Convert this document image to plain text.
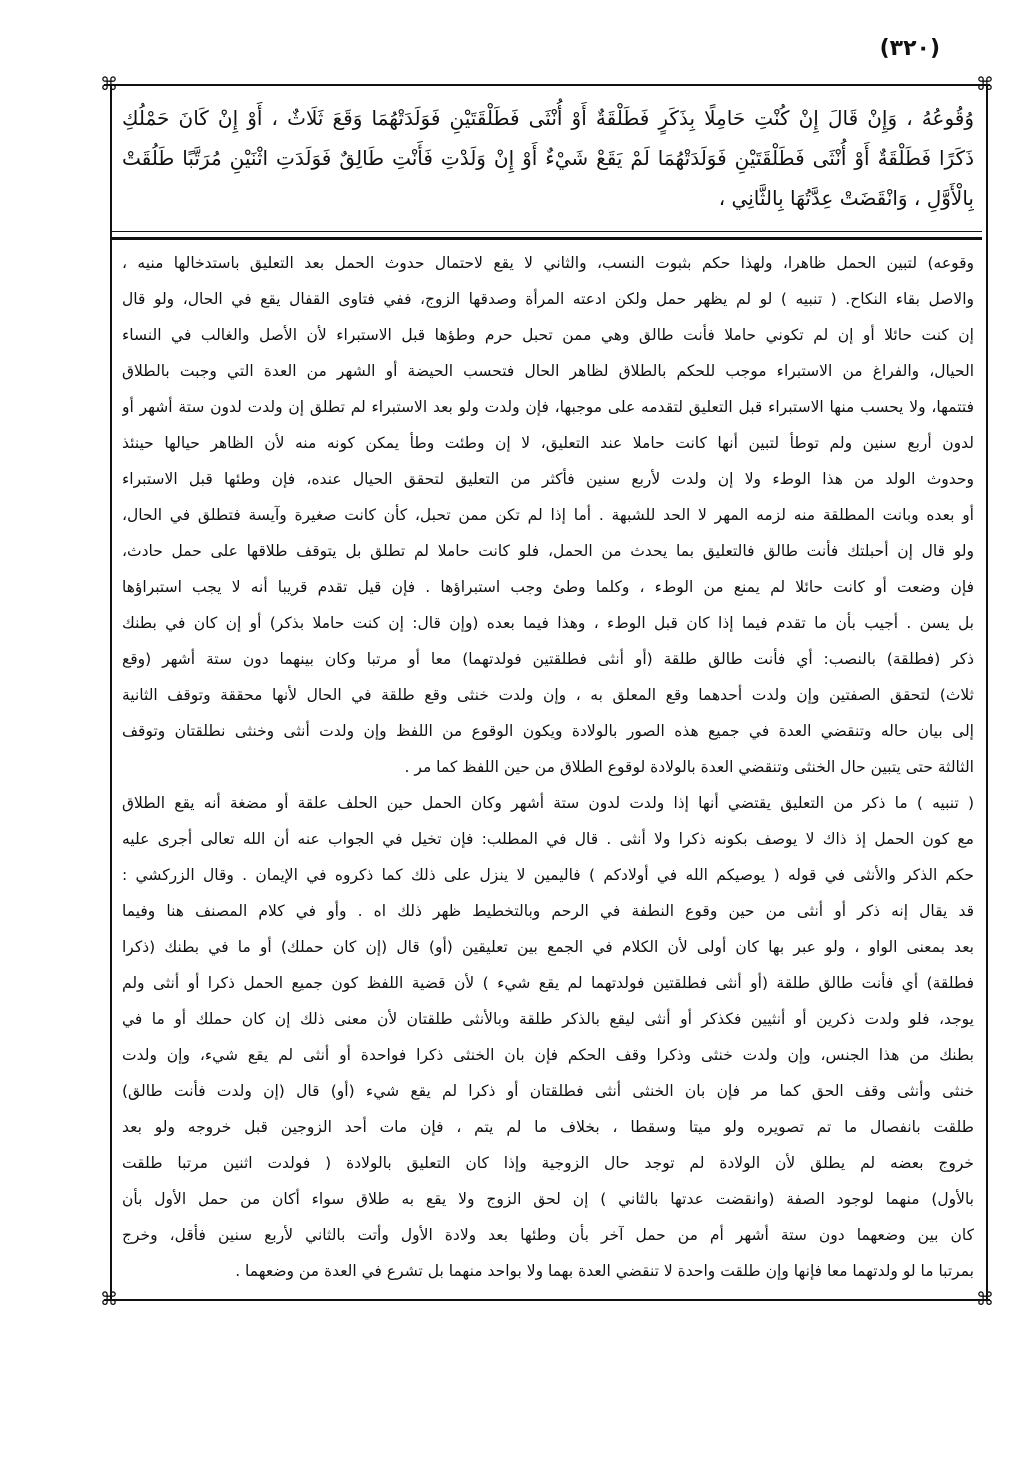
(٣٢٠)
⌘	⌘
⌘	⌘
وُقُوعُهُ ، وَإِنْ قَالَ إِنْ كُنْتِ حَامِلًا بِذَكَرٍ فَطَلْقَةٌ أَوْ أُنْثَى فَطَلْقَتَيْنِ فَوَلَدَتْهُمَا وَقَعَ ثَلَاثٌ ، أَوْ إِنْ كَانَ حَمْلُكِ
ذَكَرًا فَطَلْقَةٌ أَوْ أُنْثَى فَطَلْقَتَيْنِ فَوَلَدَتْهُمَا لَمْ يَقَعْ شَيْءٌ أَوْ إِنْ وَلَدْتِ فَأَنْتِ طَالِقٌ فَوَلَدَتِ اثْنَيْنِ مُرَتَّبًا طَلُقَتْ
بِالْأَوَّلِ ، وَانْقَضَتْ عِدَّتُهَا بِالثَّانِي ،
وقوعه) لتبين الحمل ظاهرا، ولهذا حكم بثبوت النسب، والثاني لا يقع لاحتمال حدوث الحمل بعد التعليق باستدخالها منيه ،
والاصل بقاء النكاح. ( تنبيه ) لو لم يظهر حمل ولكن ادعته المرأة وصدقها الزوج، ففي فتاوى القفال يقع في الحال، ولو قال
إن كنت حائلا أو إن لم تكوني حاملا فأنت طالق وهي ممن تحبل حرم وطؤها قبل الاستبراء لأن الأصل والغالب في النساء
الحيال، والفراغ من الاستبراء موجب للحكم بالطلاق لظاهر الحال فتحسب الحيضة أو الشهر من العدة التي وجبت بالطلاق
فتتمها، ولا يحسب منها الاستبراء قبل التعليق لتقدمه على موجبها، فإن ولدت ولو بعد الاستبراء لم تطلق إن ولدت لدون ستة أشهر أو
لدون أربع سنين ولم توطأ لتبين أنها كانت حاملا عند التعليق، لا إن وطئت وطأ يمكن كونه منه لأن الظاهر حيالها حينئذ
وحدوث الولد من هذا الوطء ولا إن ولدت لأربع سنين فأكثر من التعليق لتحقق الحيال عنده، فإن وطئها قبل الاستبراء
أو بعده وبانت المطلقة منه لزمه المهر لا الحد للشبهة . أما إذا لم تكن ممن تحبل، كأن كانت صغيرة وآيسة فتطلق في الحال،
ولو قال إن أحبلتك فأنت طالق فالتعليق بما يحدث من الحمل، فلو كانت حاملا لم تطلق بل يتوقف طلاقها على حمل حادث،
فإن وضعت أو كانت حائلا لم يمنع من الوطء ، وكلما وطئ وجب استبراؤها . فإن قيل تقدم قريبا أنه لا يجب استبراؤها
بل يسن . أجيب بأن ما تقدم فيما إذا كان قبل الوطء ، وهذا فيما بعده (وإن قال: إن كنت حاملا بذكر) أو إن كان في بطنك
ذكر (فطلقة) بالنصب: أي فأنت طالق طلقة (أو أنثى فطلقتين فولدتهما) معا أو مرتبا وكان بينهما دون ستة أشهر (وقع
ثلاث) لتحقق الصفتين وإن ولدت أحدهما وقع المعلق به ، وإن ولدت خنثى وقع طلقة في الحال لأنها محققة وتوقف الثانية
إلى بيان حاله وتنقضي العدة في جميع هذه الصور بالولادة ويكون الوقوع من اللفظ وإن ولدت أنثى وخنثى نطلقتان وتوقف
الثالثة حتى يتبين حال الخنثى وتنقضي العدة بالولادة لوقوع الطلاق من حين اللفظ كما مر .
( تنبيه ) ما ذكر من التعليق يقتضي أنها إذا ولدت لدون ستة أشهر وكان الحمل حين الحلف علقة أو مضغة أنه يقع الطلاق
مع كون الحمل إذ ذاك لا يوصف بكونه ذكرا ولا أنثى . قال في المطلب: فإن تخيل في الجواب عنه أن الله تعالى أجرى عليه
حكم الذكر والأنثى في قوله ( يوصيكم الله في أولادكم ) فاليمين لا ينزل على ذلك كما ذكروه في الإيمان . وقال الزركشي :
قد يقال إنه ذكر أو أنثى من حين وقوع النطفة في الرحم وبالتخطيط ظهر ذلك اه . وأو في كلام المصنف هنا وفيما
بعد بمعنى الواو ، ولو عبر بها كان أولى لأن الكلام في الجمع بين تعليقين (أو) قال (إن كان حملك) أو ما في بطنك (ذكرا
فطلقة) أي فأنت طالق طلقة (أو أنثى فطلقتين فولدتهما لم يقع شيء ) لأن قضية اللفظ كون جميع الحمل ذكرا أو أنثى ولم
يوجد، فلو ولدت ذكرين أو أنثيين فكذكر أو أنثى ليقع بالذكر طلقة وبالأنثى طلقتان لأن معنى ذلك إن كان حملك أو ما في
بطنك من هذا الجنس، وإن ولدت خنثى وذكرا وقف الحكم فإن بان الخنثى ذكرا فواحدة أو أنثى لم يقع شيء، وإن ولدت
خنثى وأنثى وقف الحق كما مر فإن بان الخنثى أنثى فطلقتان أو ذكرا لم يقع شيء (أو) قال (إن ولدت فأنت طالق)
طلقت بانفصال ما تم تصويره ولو ميتا وسقطا ، بخلاف ما لم يتم ، فإن مات أحد الزوجين قبل خروجه ولو بعد
خروج بعضه لم يطلق لأن الولادة لم توجد حال الزوجية وإذا كان التعليق بالولادة ( فولدت اثنين مرتبا طلقت
بالأول) منهما لوجود الصفة (وانقضت عدتها بالثاني ) إن لحق الزوج ولا يقع به طلاق سواء أكان من حمل الأول بأن
كان بين وضعهما دون ستة أشهر أم من حمل آخر بأن وطئها بعد ولادة الأول وأتت بالثاني لأربع سنين فأقل، وخرج
بمرتبا ما لو ولدتهما معا فإنها وإن طلقت واحدة لا تنقضي العدة بهما ولا بواحد منهما بل تشرع في العدة من وضعهما .
